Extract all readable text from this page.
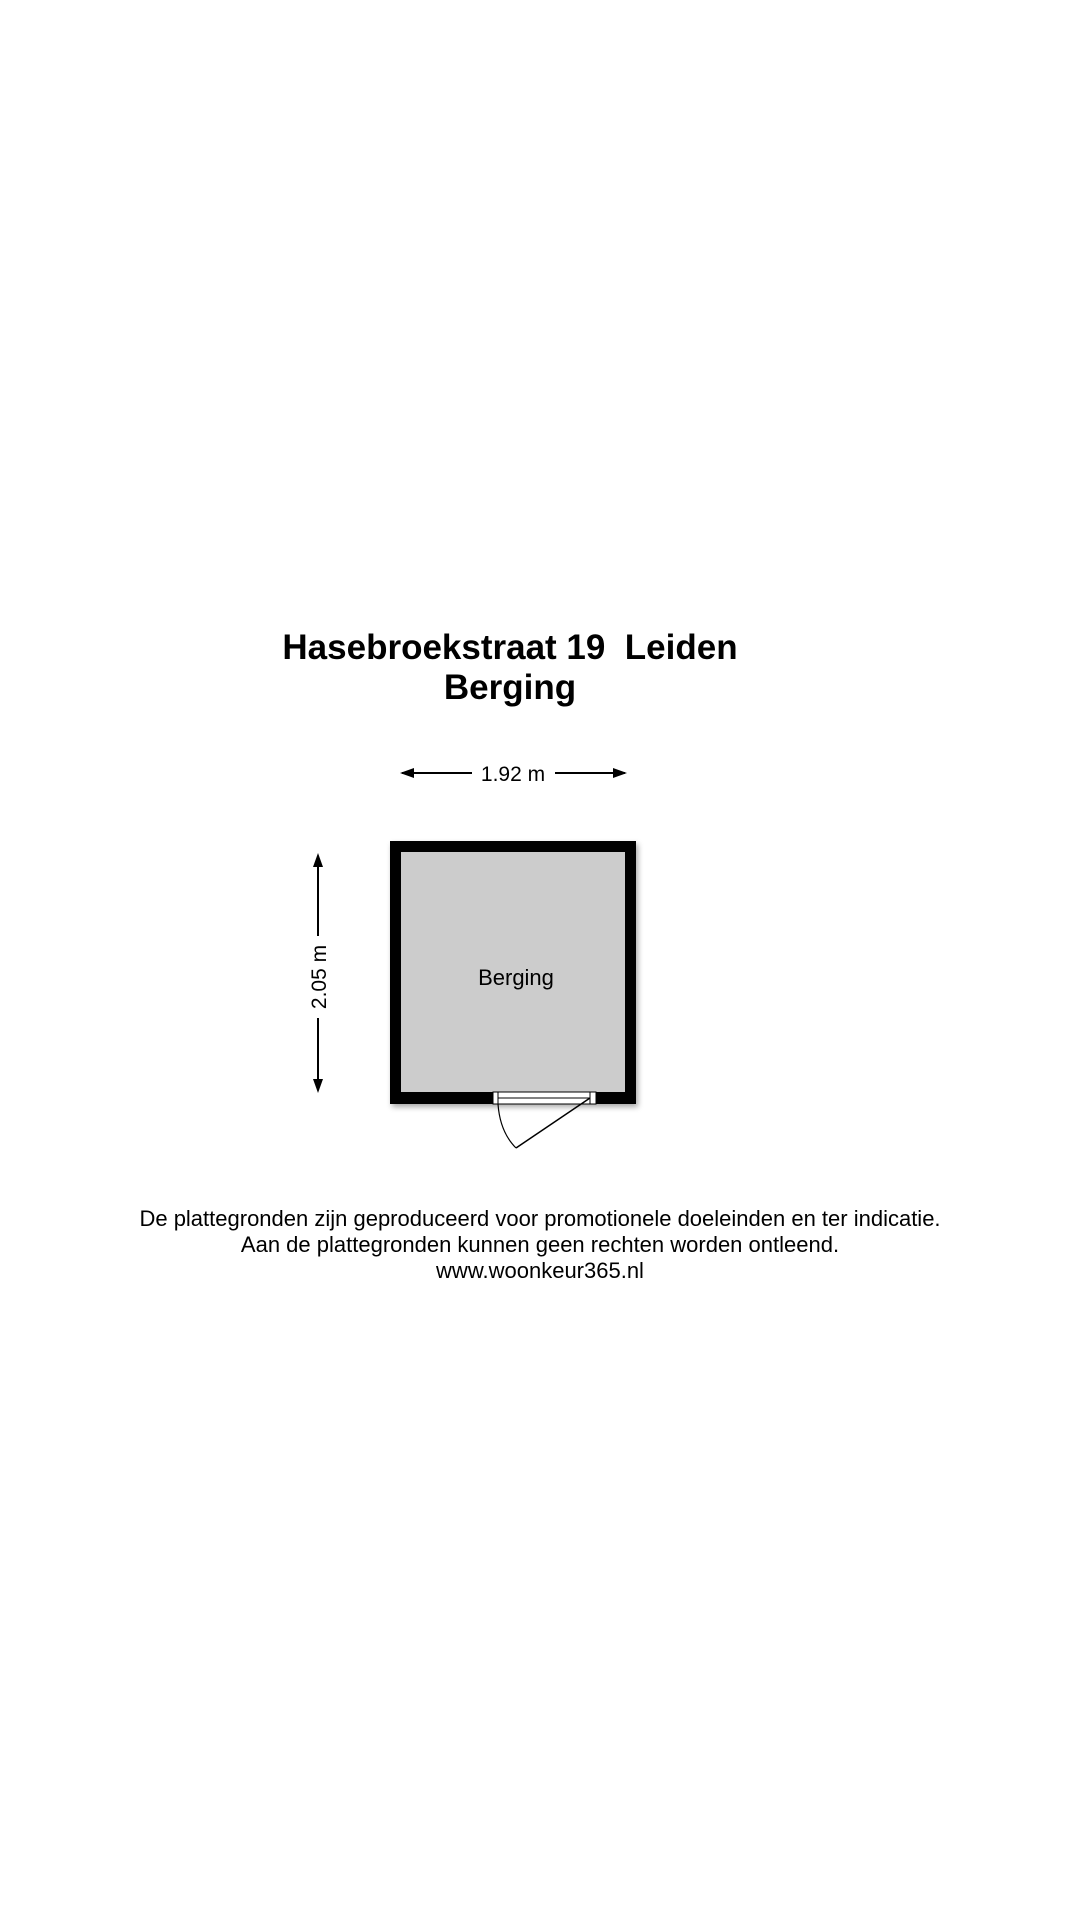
Hasebroekstraat 19  Leiden
Berging
1.92 m
2.05 m	Berging
De plattegronden zijn geproduceerd voor promotionele doeleinden en ter indicatie.
Aan de plattegronden kunnen geen rechten worden ontleend.
www.woonkeur365.nl
